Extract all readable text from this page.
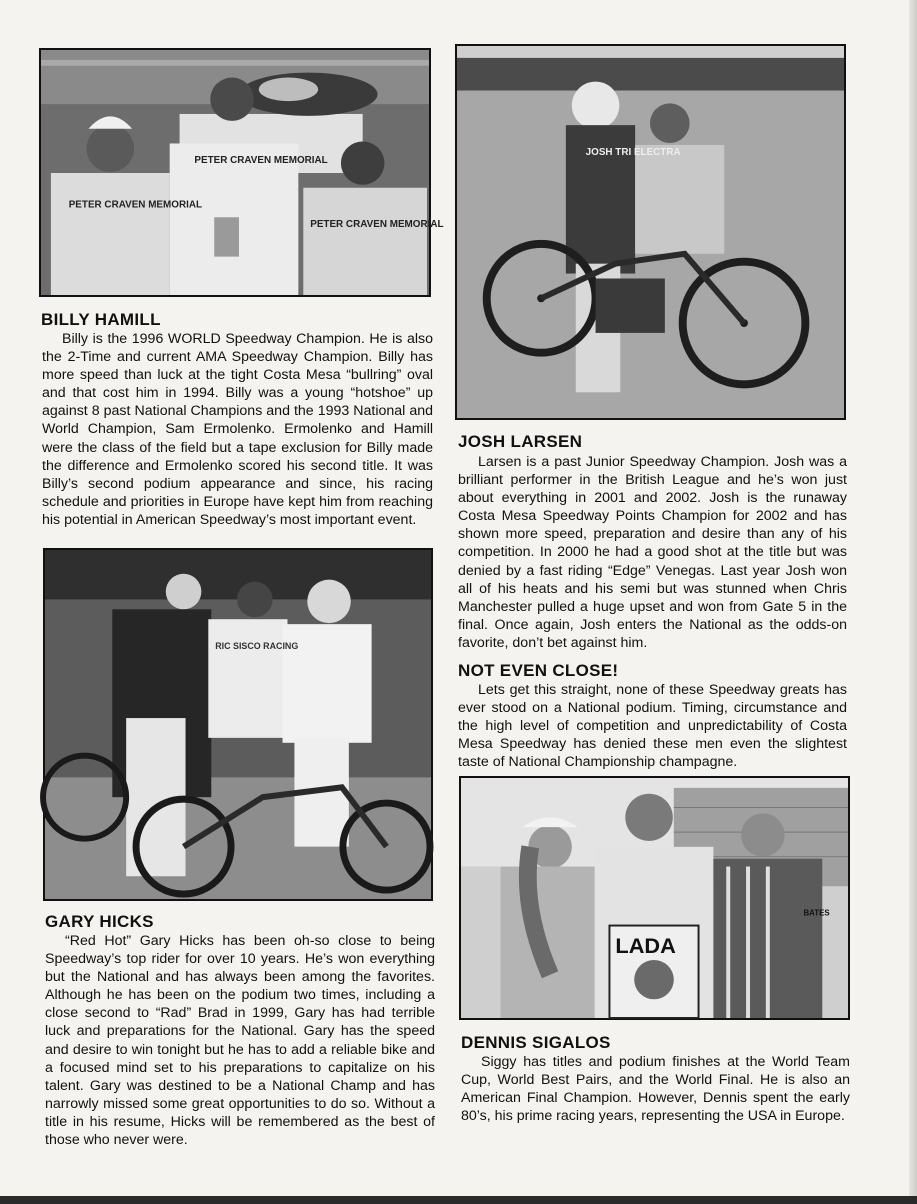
PETER CRAVEN MEMORIAL
PETER CRAVEN MEMORIAL
PETER CRAVEN MEMORIAL
JOSH TRI ELECTRA
BILLY HAMILL

Billy is the 1996 WORLD Speedway Champion. He is also the 2-Time and current AMA Speedway Champion. Billy has more speed than luck at the tight Costa Mesa “bullring” oval and that cost him in 1994. Billy was a young “hotshoe” up against 8 past National Champions and the 1993 National and World Champion, Sam Ermolenko. Ermolenko and Hamill were the class of the field but a tape exclusion for Billy made the difference and Ermolenko scored his second title. It was Billy’s second podium appearance and since, his racing schedule and priorities in Europe have kept him from reaching his potential in American Speedway’s most important event.

RIC SISCO RACING
GARY HICKS

“Red Hot” Gary Hicks has been oh-so close to being Speedway’s top rider for over 10 years. He’s won everything but the National and has always been among the favorites. Although he has been on the podium two times, including a close second to “Rad” Brad in 1999, Gary has had terrible luck and preparations for the National. Gary has the speed and desire to win tonight but he has to add a reliable bike and a focused mind set to his preparations to capitalize on his talent. Gary was destined to be a National Champ and has narrowly missed some great opportunities to do so. Without a title in his resume, Hicks will be remembered as the best of those who never were.

JOSH LARSEN

Larsen is a past Junior Speedway Champion. Josh was a brilliant performer in the British League and he’s won just about everything in 2001 and 2002. Josh is the runaway Costa Mesa Speedway Points Champion for 2002 and has shown more speed, preparation and desire than any of his competition. In 2000 he had a good shot at the title but was denied by a fast riding “Edge” Venegas. Last year Josh won all of his heats and his semi but was stunned when Chris Manchester pulled a huge upset and won from Gate 5 in the final. Once again, Josh enters the National as the odds-on favorite, don’t bet against him.

NOT EVEN CLOSE!

Lets get this straight, none of these Speedway greats has ever stood on a National podium. Timing, circumstance and the high level of competition and unpredictability of Costa Mesa Speedway has denied these men even the slightest taste of National Championship champagne.

LADA
BATES
DENNIS SIGALOS

Siggy has titles and podium finishes at the World Team Cup, World Best Pairs, and the World Final. He is also an American Final Champion. However, Dennis spent the early 80’s, his prime racing years, representing the USA in Europe.
